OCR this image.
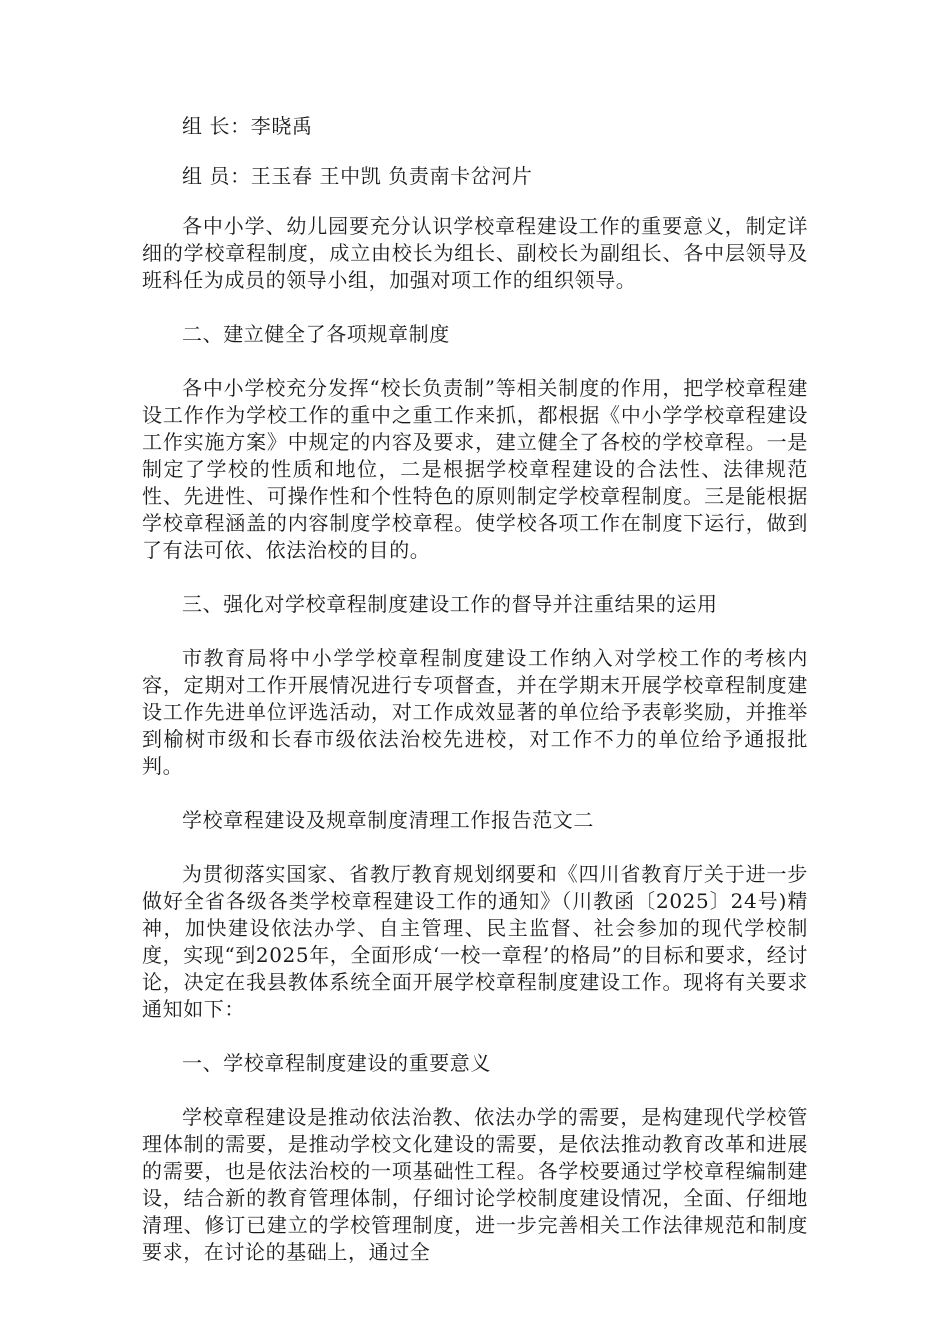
组 长：李晓禹

组 员：王玉春 王中凯 负责南卡岔河片

各中小学、幼儿园要充分认识学校章程建设工作的重要意义，制定详细的学校章程制度，成立由校长为组长、副校长为副组长、各中层领导及班科任为成员的领导小组，加强对项工作的组织领导。

二、建立健全了各项规章制度

各中小学校充分发挥“校长负责制”等相关制度的作用，把学校章程建设工作作为学校工作的重中之重工作来抓，都根据《中小学学校章程建设工作实施方案》中规定的内容及要求，建立健全了各校的学校章程。一是制定了学校的性质和地位，二是根据学校章程建设的合法性、法律规范性、先进性、可操作性和个性特色的原则制定学校章程制度。三是能根据学校章程涵盖的内容制度学校章程。使学校各项工作在制度下运行，做到了有法可依、依法治校的目的。

三、强化对学校章程制度建设工作的督导并注重结果的运用

市教育局将中小学学校章程制度建设工作纳入对学校工作的考核内容，定期对工作开展情况进行专项督查，并在学期末开展学校章程制度建设工作先进单位评选活动，对工作成效显著的单位给予表彰奖励，并推举到榆树市级和长春市级依法治校先进校，对工作不力的单位给予通报批判。

学校章程建设及规章制度清理工作报告范文二

为贯彻落实国家、省教厅教育规划纲要和《四川省教育厅关于进一步做好全省各级各类学校章程建设工作的通知》（川教函〔2025〕24号)精神，加快建设依法办学、自主管理、民主监督、社会参加的现代学校制度，实现“到2025年，全面形成‘一校一章程’的格局”的目标和要求，经讨论，决定在我县教体系统全面开展学校章程制度建设工作。现将有关要求通知如下：

一、学校章程制度建设的重要意义

学校章程建设是推动依法治教、依法办学的需要，是构建现代学校管理体制的需要，是推动学校文化建设的需要，是依法推动教育改革和进展的需要，也是依法治校的一项基础性工程。各学校要通过学校章程编制建设，结合新的教育管理体制，仔细讨论学校制度建设情况，全面、仔细地清理、修订已建立的学校管理制度，进一步完善相关工作法律规范和制度要求，在讨论的基础上，通过全
